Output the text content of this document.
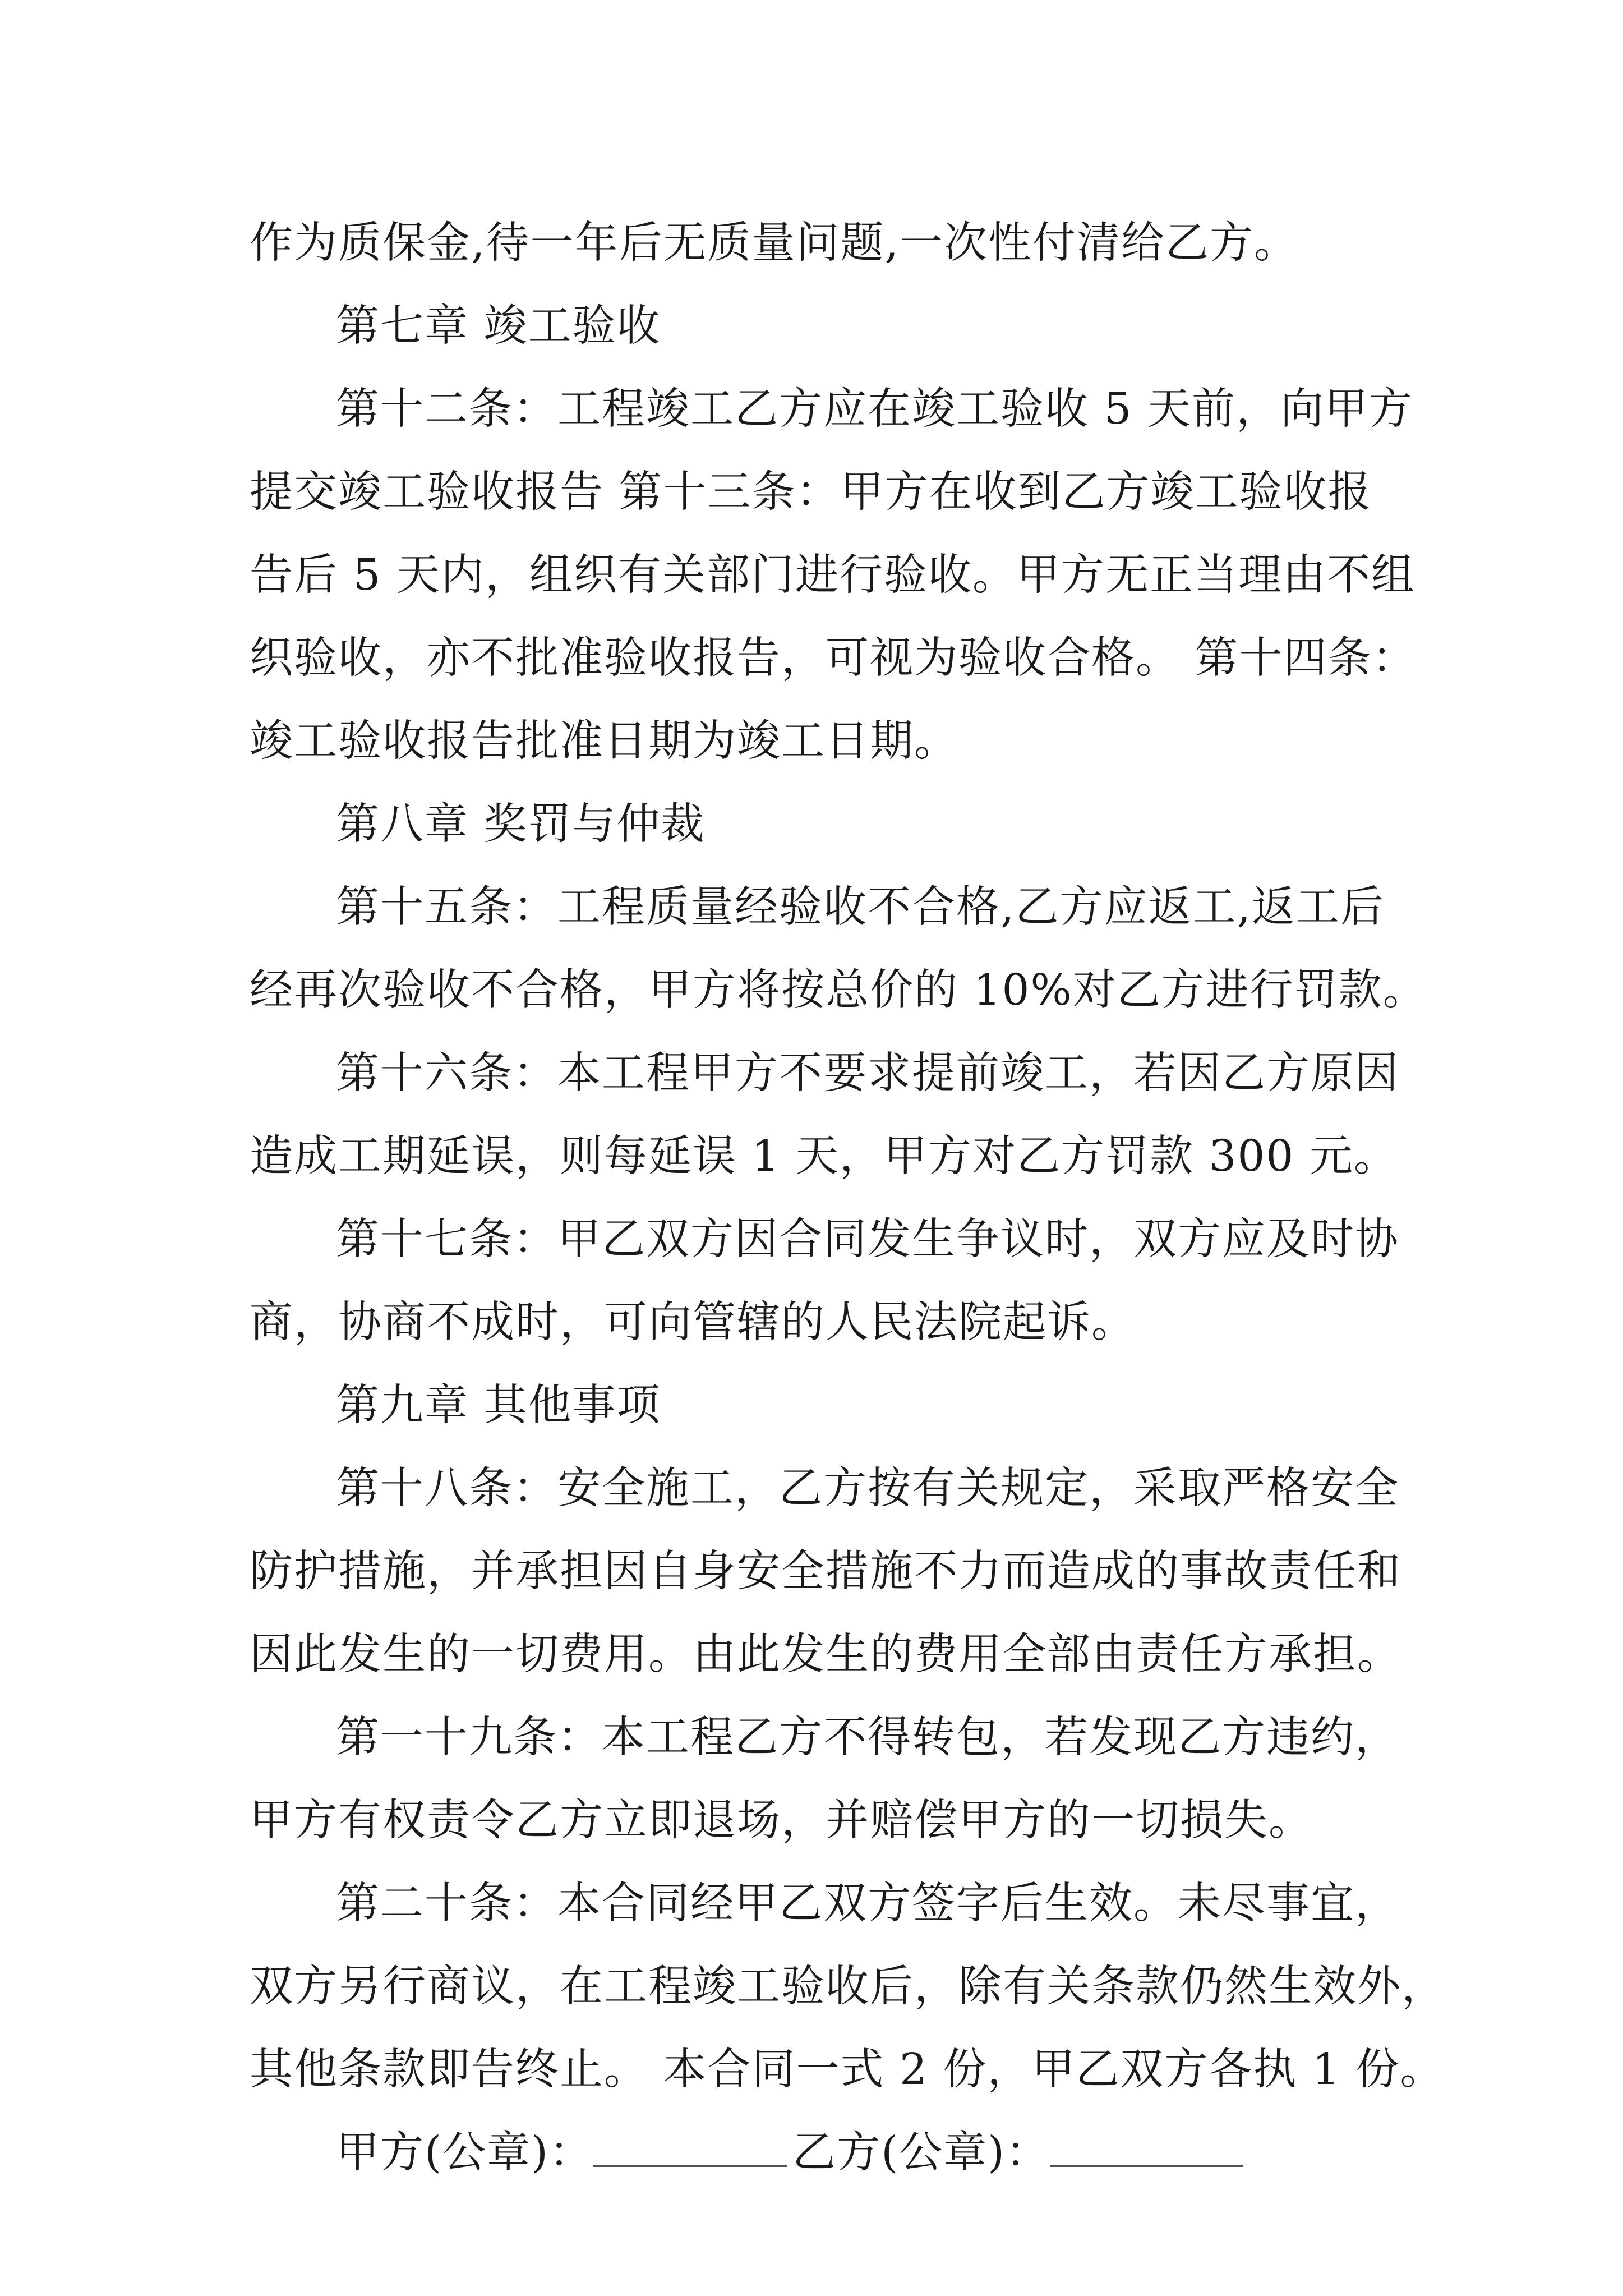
作为质保金,待一年后无质量问题,一次性付清给乙方。
第七章 竣工验收
第十二条：工程竣工乙方应在竣工验收 5 天前，向甲方
提交竣工验收报告 第十三条：甲方在收到乙方竣工验收报
告后 5 天内，组织有关部门进行验收。甲方无正当理由不组
织验收，亦不批准验收报告，可视为验收合格。 第十四条：
竣工验收报告批准日期为竣工日期。
第八章 奖罚与仲裁
第十五条：工程质量经验收不合格,乙方应返工,返工后
经再次验收不合格，甲方将按总价的 10%对乙方进行罚款。
第十六条：本工程甲方不要求提前竣工，若因乙方原因
造成工期延误，则每延误 1 天，甲方对乙方罚款 300 元。
第十七条：甲乙双方因合同发生争议时，双方应及时协
商，协商不成时，可向管辖的人民法院起诉。
第九章 其他事项
第十八条：安全施工，乙方按有关规定，采取严格安全
防护措施，并承担因自身安全措施不力而造成的事故责任和
因此发生的一切费用。由此发生的费用全部由责任方承担。
第一十九条：本工程乙方不得转包，若发现乙方违约，
甲方有权责令乙方立即退场，并赔偿甲方的一切损失。
第二十条：本合同经甲乙双方签字后生效。未尽事宜，
双方另行商议，在工程竣工验收后，除有关条款仍然生效外，
其他条款即告终止。 本合同一式 2 份，甲乙双方各执 1 份。
甲方(公章)：	乙方(公章)：
